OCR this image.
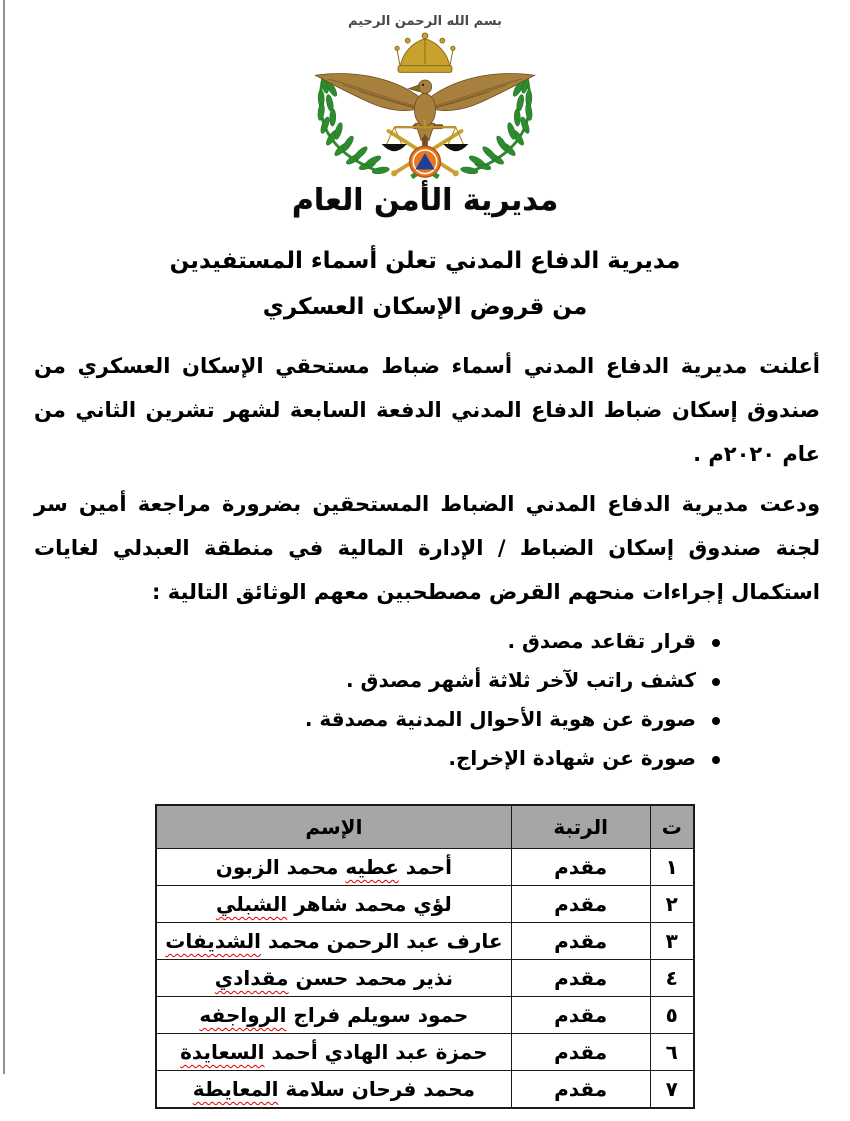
بسم الله الرحمن الرحيم
مديرية الأمن العام
مديرية الدفاع المدني تعلن أسماء المستفيدين
من قروض الإسكان العسكري

أعلنت مديرية الدفاع المدني أسماء ضباط مستحقي الإسكان العسكري من صندوق إسكان ضباط الدفاع المدني الدفعة السابعة لشهر تشرين الثاني من عام ٢٠٢٠م .

ودعت مديرية الدفاع المدني الضباط المستحقين بضرورة مراجعة أمين سر لجنة صندوق إسكان الضباط / الإدارة المالية في منطقة العبدلي لغايات استكمال إجراءات منحهم القرض مصطحبين معهم الوثائق التالية :

قرار تقاعد مصدق .
كشف راتب لآخر ثلاثة أشهر مصدق .
صورة عن هوية الأحوال المدنية مصدقة .
صورة عن شهادة الإخراج.
ت	الرتبة	الإسم
١	مقدم	أحمد عطيه محمد الزبون
٢	مقدم	لؤي محمد شاهر الشبلي
٣	مقدم	عارف عبد الرحمن محمد الشديفات
٤	مقدم	نذير محمد حسن مقدادي
٥	مقدم	حمود سويلم فراج الرواجفه
٦	مقدم	حمزة عبد الهادي أحمد السعايدة
٧	مقدم	محمد فرحان سلامة المعايطة
